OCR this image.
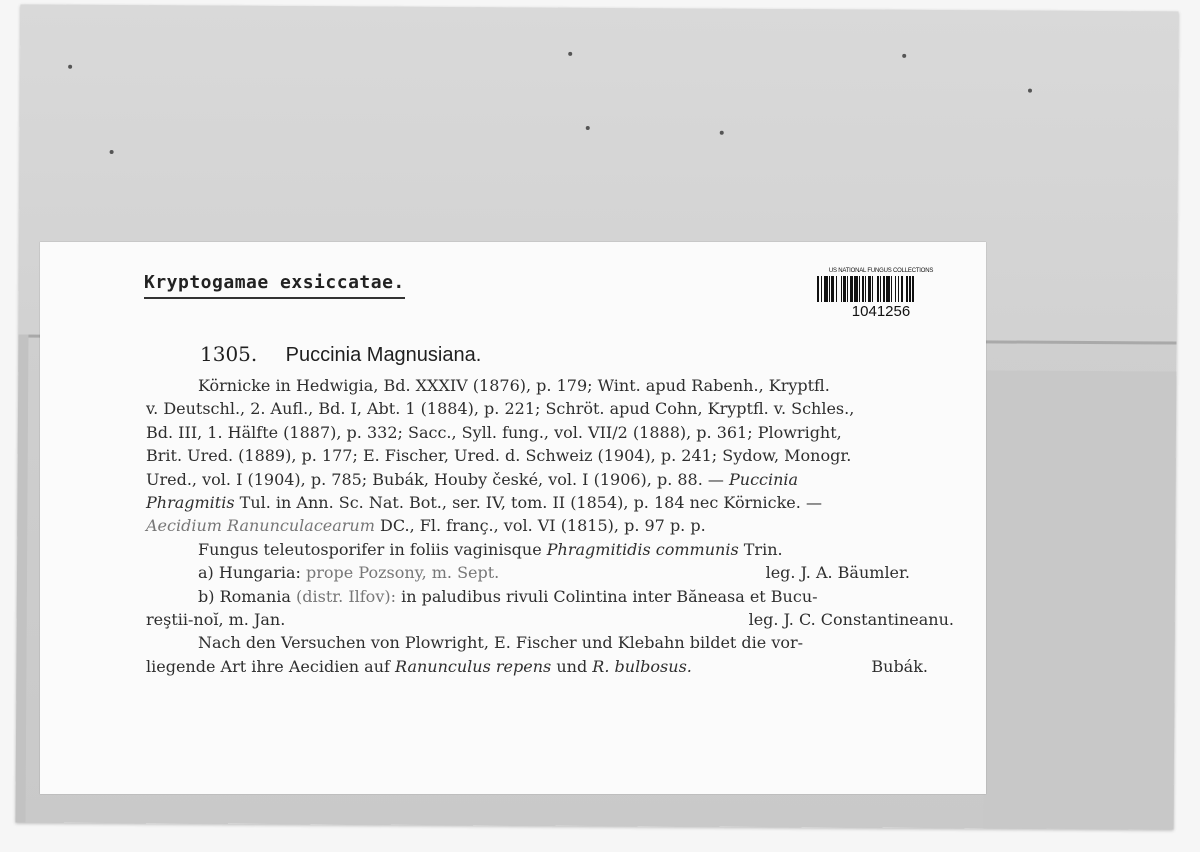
Kryptogamae exsiccatae.
US NATIONAL FUNGUS COLLECTIONS
1041256
1305. Puccinia Magnusiana.

Körnicke in Hedwigia, Bd. XXXIV (1876), p. 179; Wint. apud Rabenh., Kryptfl.

v. Deutschl., 2. Aufl., Bd. I, Abt. 1 (1884), p. 221; Schröt. apud Cohn, Kryptfl. v. Schles.,

Bd. III, 1. Hälfte (1887), p. 332; Sacc., Syll. fung., vol. VII/2 (1888), p. 361; Plowright,

Brit. Ured. (1889), p. 177; E. Fischer, Ured. d. Schweiz (1904), p. 241; Sydow, Monogr.

Ured., vol. I (1904), p. 785; Bubák, Houby české, vol. I (1906), p. 88. — Puccinia

Phragmitis Tul. in Ann. Sc. Nat. Bot., ser. IV, tom. II (1854), p. 184 nec Körnicke. —

Aecidium Ranunculacearum DC., Fl. franç., vol. VI (1815), p. 97 p. p.

Fungus teleutosporifer in foliis vaginisque Phragmitidis communis Trin.

a) Hungaria: prope Pozsony, m. Sept.	leg. J. A. Bäumler.

b) Romania (distr. Ilfov): in paludibus rivuli Colintina inter Băneasa et Bucu-

reştii-noĭ, m. Jan.	leg. J. C. Constantineanu.

Nach den Versuchen von Plowright, E. Fischer und Klebahn bildet die vor-

liegende Art ihre Aecidien auf Ranunculus repens und R. bulbosus.	Bubák.
